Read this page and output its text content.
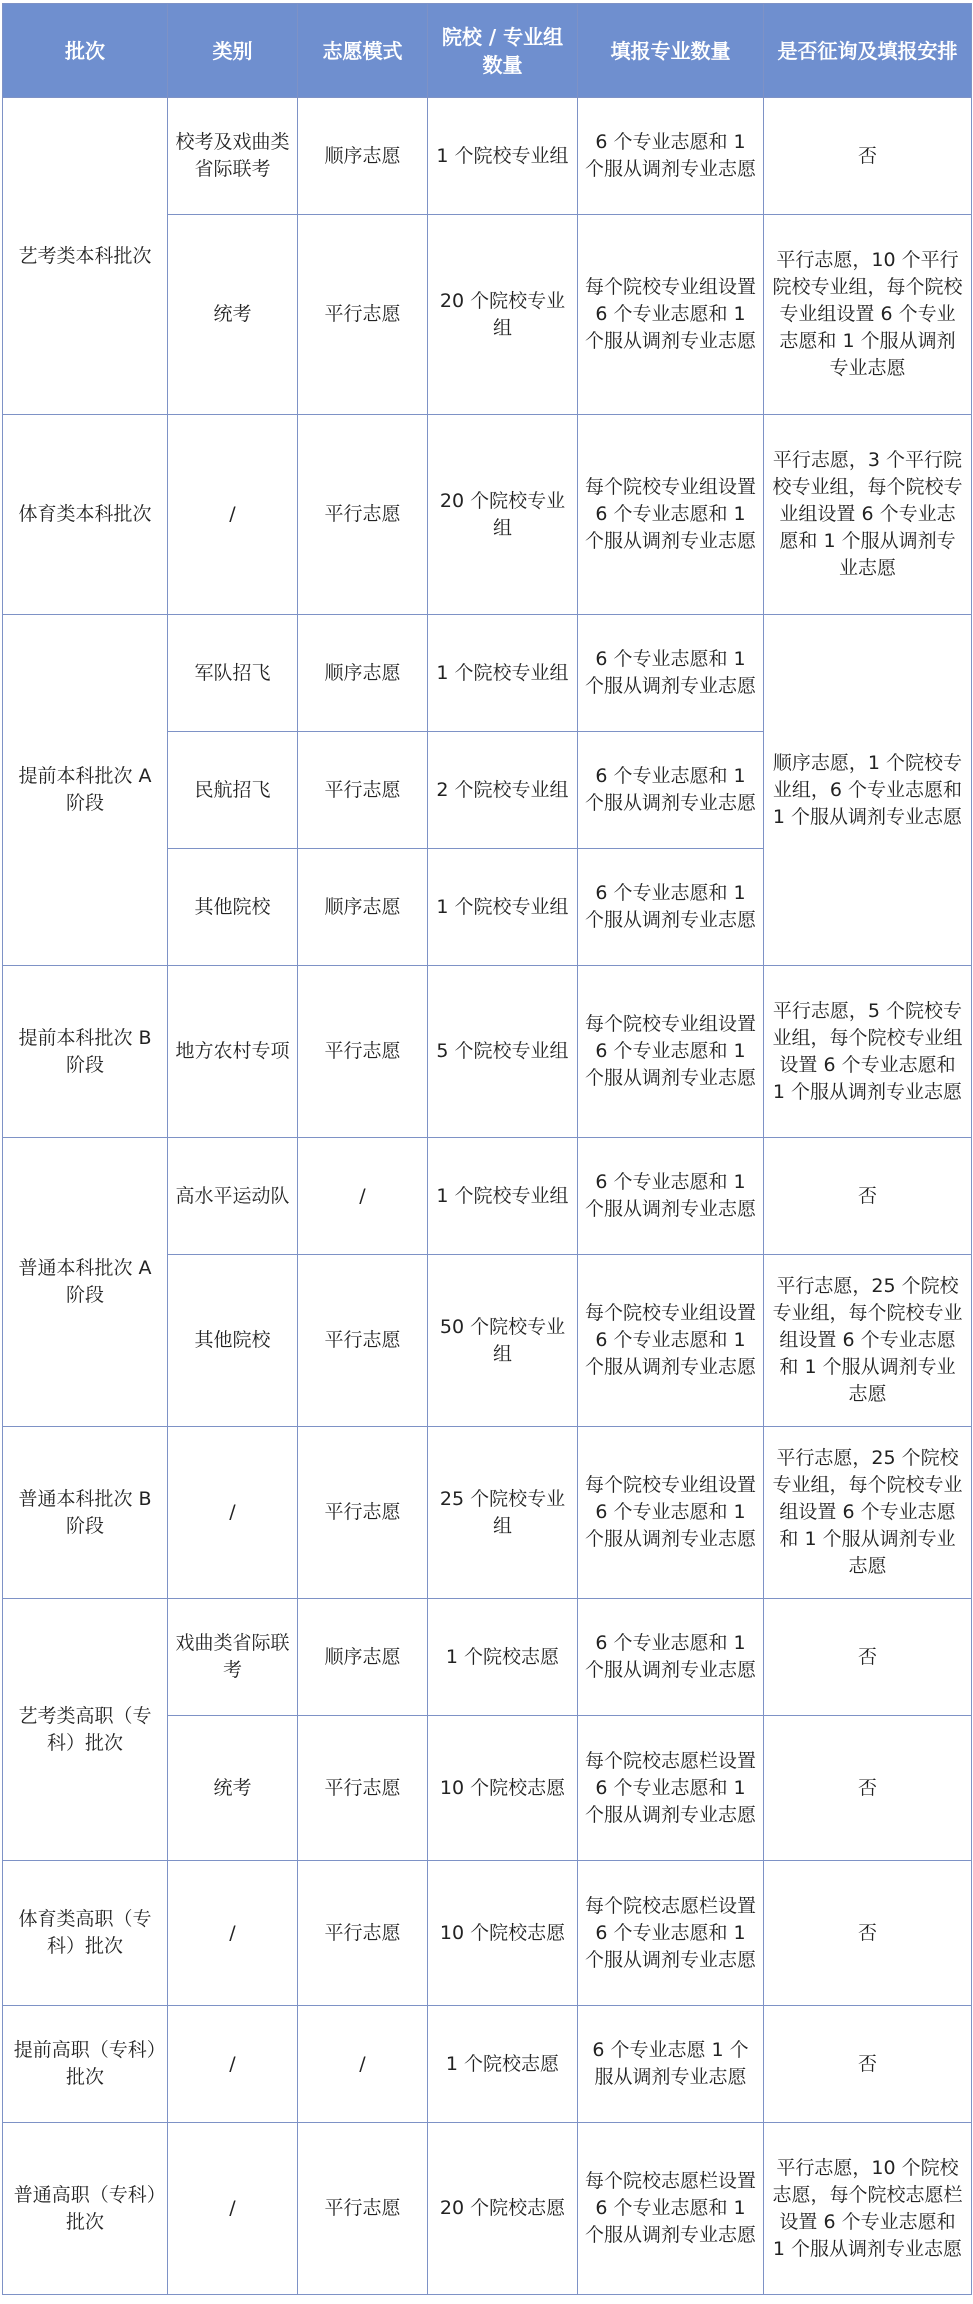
批次	类别	志愿模式	院校 / 专业组数量	填报专业数量	是否征询及填报安排
艺考类本科批次	校考及戏曲类省际联考	顺序志愿	1 个院校专业组	6 个专业志愿和 1 个服从调剂专业志愿	否
	统考	平行志愿	20 个院校专业组	每个院校专业组设置 6 个专业志愿和 1 个服从调剂专业志愿	平行志愿，10 个平行院校专业组，每个院校专业组设置 6 个专业志愿和 1 个服从调剂专业志愿
体育类本科批次	/	平行志愿	20 个院校专业组	每个院校专业组设置 6 个专业志愿和 1 个服从调剂专业志愿	平行志愿，3 个平行院校专业组，每个院校专业组设置 6 个专业志愿和 1 个服从调剂专业志愿
提前本科批次 A 阶段	军队招飞	顺序志愿	1 个院校专业组	6 个专业志愿和 1 个服从调剂专业志愿	顺序志愿，1 个院校专业组，6 个专业志愿和 1 个服从调剂专业志愿
	民航招飞	平行志愿	2 个院校专业组	6 个专业志愿和 1 个服从调剂专业志愿	
	其他院校	顺序志愿	1 个院校专业组	6 个专业志愿和 1 个服从调剂专业志愿	
提前本科批次 B 阶段	地方农村专项	平行志愿	5 个院校专业组	每个院校专业组设置 6 个专业志愿和 1 个服从调剂专业志愿	平行志愿，5 个院校专业组，每个院校专业组设置 6 个专业志愿和 1 个服从调剂专业志愿
普通本科批次 A 阶段	高水平运动队	/	1 个院校专业组	6 个专业志愿和 1 个服从调剂专业志愿	否
	其他院校	平行志愿	50 个院校专业组	每个院校专业组设置 6 个专业志愿和 1 个服从调剂专业志愿	平行志愿，25 个院校专业组，每个院校专业组设置 6 个专业志愿和 1 个服从调剂专业志愿
普通本科批次 B 阶段	/	平行志愿	25 个院校专业组	每个院校专业组设置 6 个专业志愿和 1 个服从调剂专业志愿	平行志愿，25 个院校专业组，每个院校专业组设置 6 个专业志愿和 1 个服从调剂专业志愿
艺考类高职（专科）批次	戏曲类省际联考	顺序志愿	1 个院校志愿	6 个专业志愿和 1 个服从调剂专业志愿	否
	统考	平行志愿	10 个院校志愿	每个院校志愿栏设置 6 个专业志愿和 1 个服从调剂专业志愿	否
体育类高职（专科）批次	/	平行志愿	10 个院校志愿	每个院校志愿栏设置 6 个专业志愿和 1 个服从调剂专业志愿	否
提前高职（专科）批次	/	/	1 个院校志愿	6 个专业志愿 1 个服从调剂专业志愿	否
普通高职（专科）批次	/	平行志愿	20 个院校志愿	每个院校志愿栏设置 6 个专业志愿和 1 个服从调剂专业志愿	平行志愿，10 个院校志愿，每个院校志愿栏设置 6 个专业志愿和 1 个服从调剂专业志愿
